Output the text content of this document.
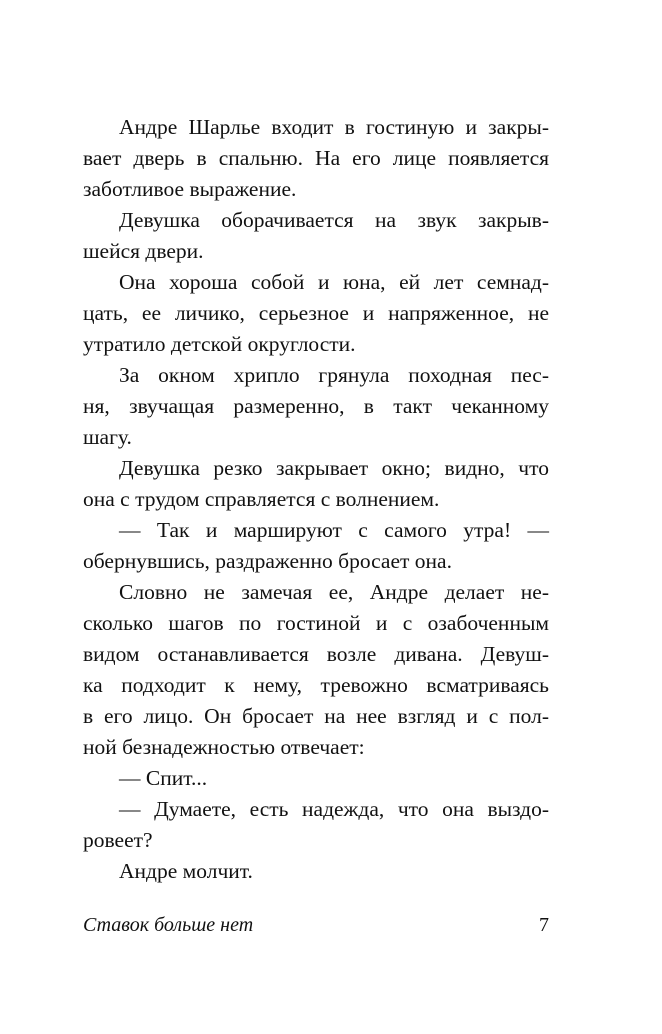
Андре Шарлье входит в гостиную и закры-
вает дверь в спальню. На его лице появляется
заботливое выражение.
Девушка оборачивается на звук закрыв-
шейся двери.
Она хороша собой и юна, ей лет семнад-
цать, ее личико, серьезное и напряженное, не
утратило детской округлости.
За окном хрипло грянула походная пес-
ня, звучащая размеренно, в такт чеканному
шагу.
Девушка резко закрывает окно; видно, что
она с трудом справляется с волнением.
— Так и маршируют с самого утра! —
обернувшись, раздраженно бросает она.
Словно не замечая ее, Андре делает не-
сколько шагов по гостиной и с озабоченным
видом останавливается возле дивана. Девуш-
ка подходит к нему, тревожно всматриваясь
в его лицо. Он бросает на нее взгляд и с пол-
ной безнадежностью отвечает:
— Спит...
— Думаете, есть надежда, что она выздо-
ровеет?
Андре молчит.
Ставок больше нет	7
